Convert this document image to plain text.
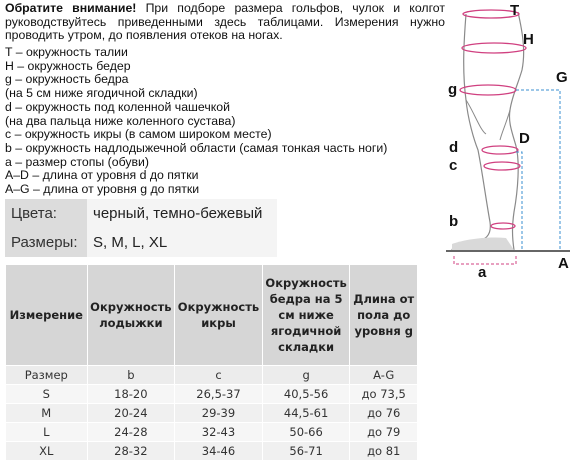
Обратите внимание! При подборе размера гольфов, чулок и колгот руководствуйтесь приведенными здесь таблицами. Измерения нужно проводить утром, до появления отеков на ногах.
T – окружность талии
H – окружность бедер
g – окружность бедра
(на 5 см ниже ягодичной складки)
d – окружность под коленной чашечкой
(на два пальца ниже коленного сустава)
c – окружность икры (в самом широком месте)
b – окружность надлодыжечной области (самая тонкая часть ноги)
a – размер стопы (обуви)
A–D – длина от уровня d до пятки
A–G – длина от уровня g до пятки
Цвета:	черный, темно-бежевый
Размеры:	S, M, L, XL
Измерение	Окружность лодыжки	Окружность икры	Окружность бедра на 5 см ниже ягодичной складки	Длина от пола до уровня g
Размер	b	c	g	A-G
S	18-20	26,5-37	40,5-56	до 73,5
M	20-24	29-39	44,5-61	до 76
L	24-28	32-43	50-66	до 79
XL	28-32	34-46	56-71	до 81
T
H
G
g
D
d
c
b
A
a
